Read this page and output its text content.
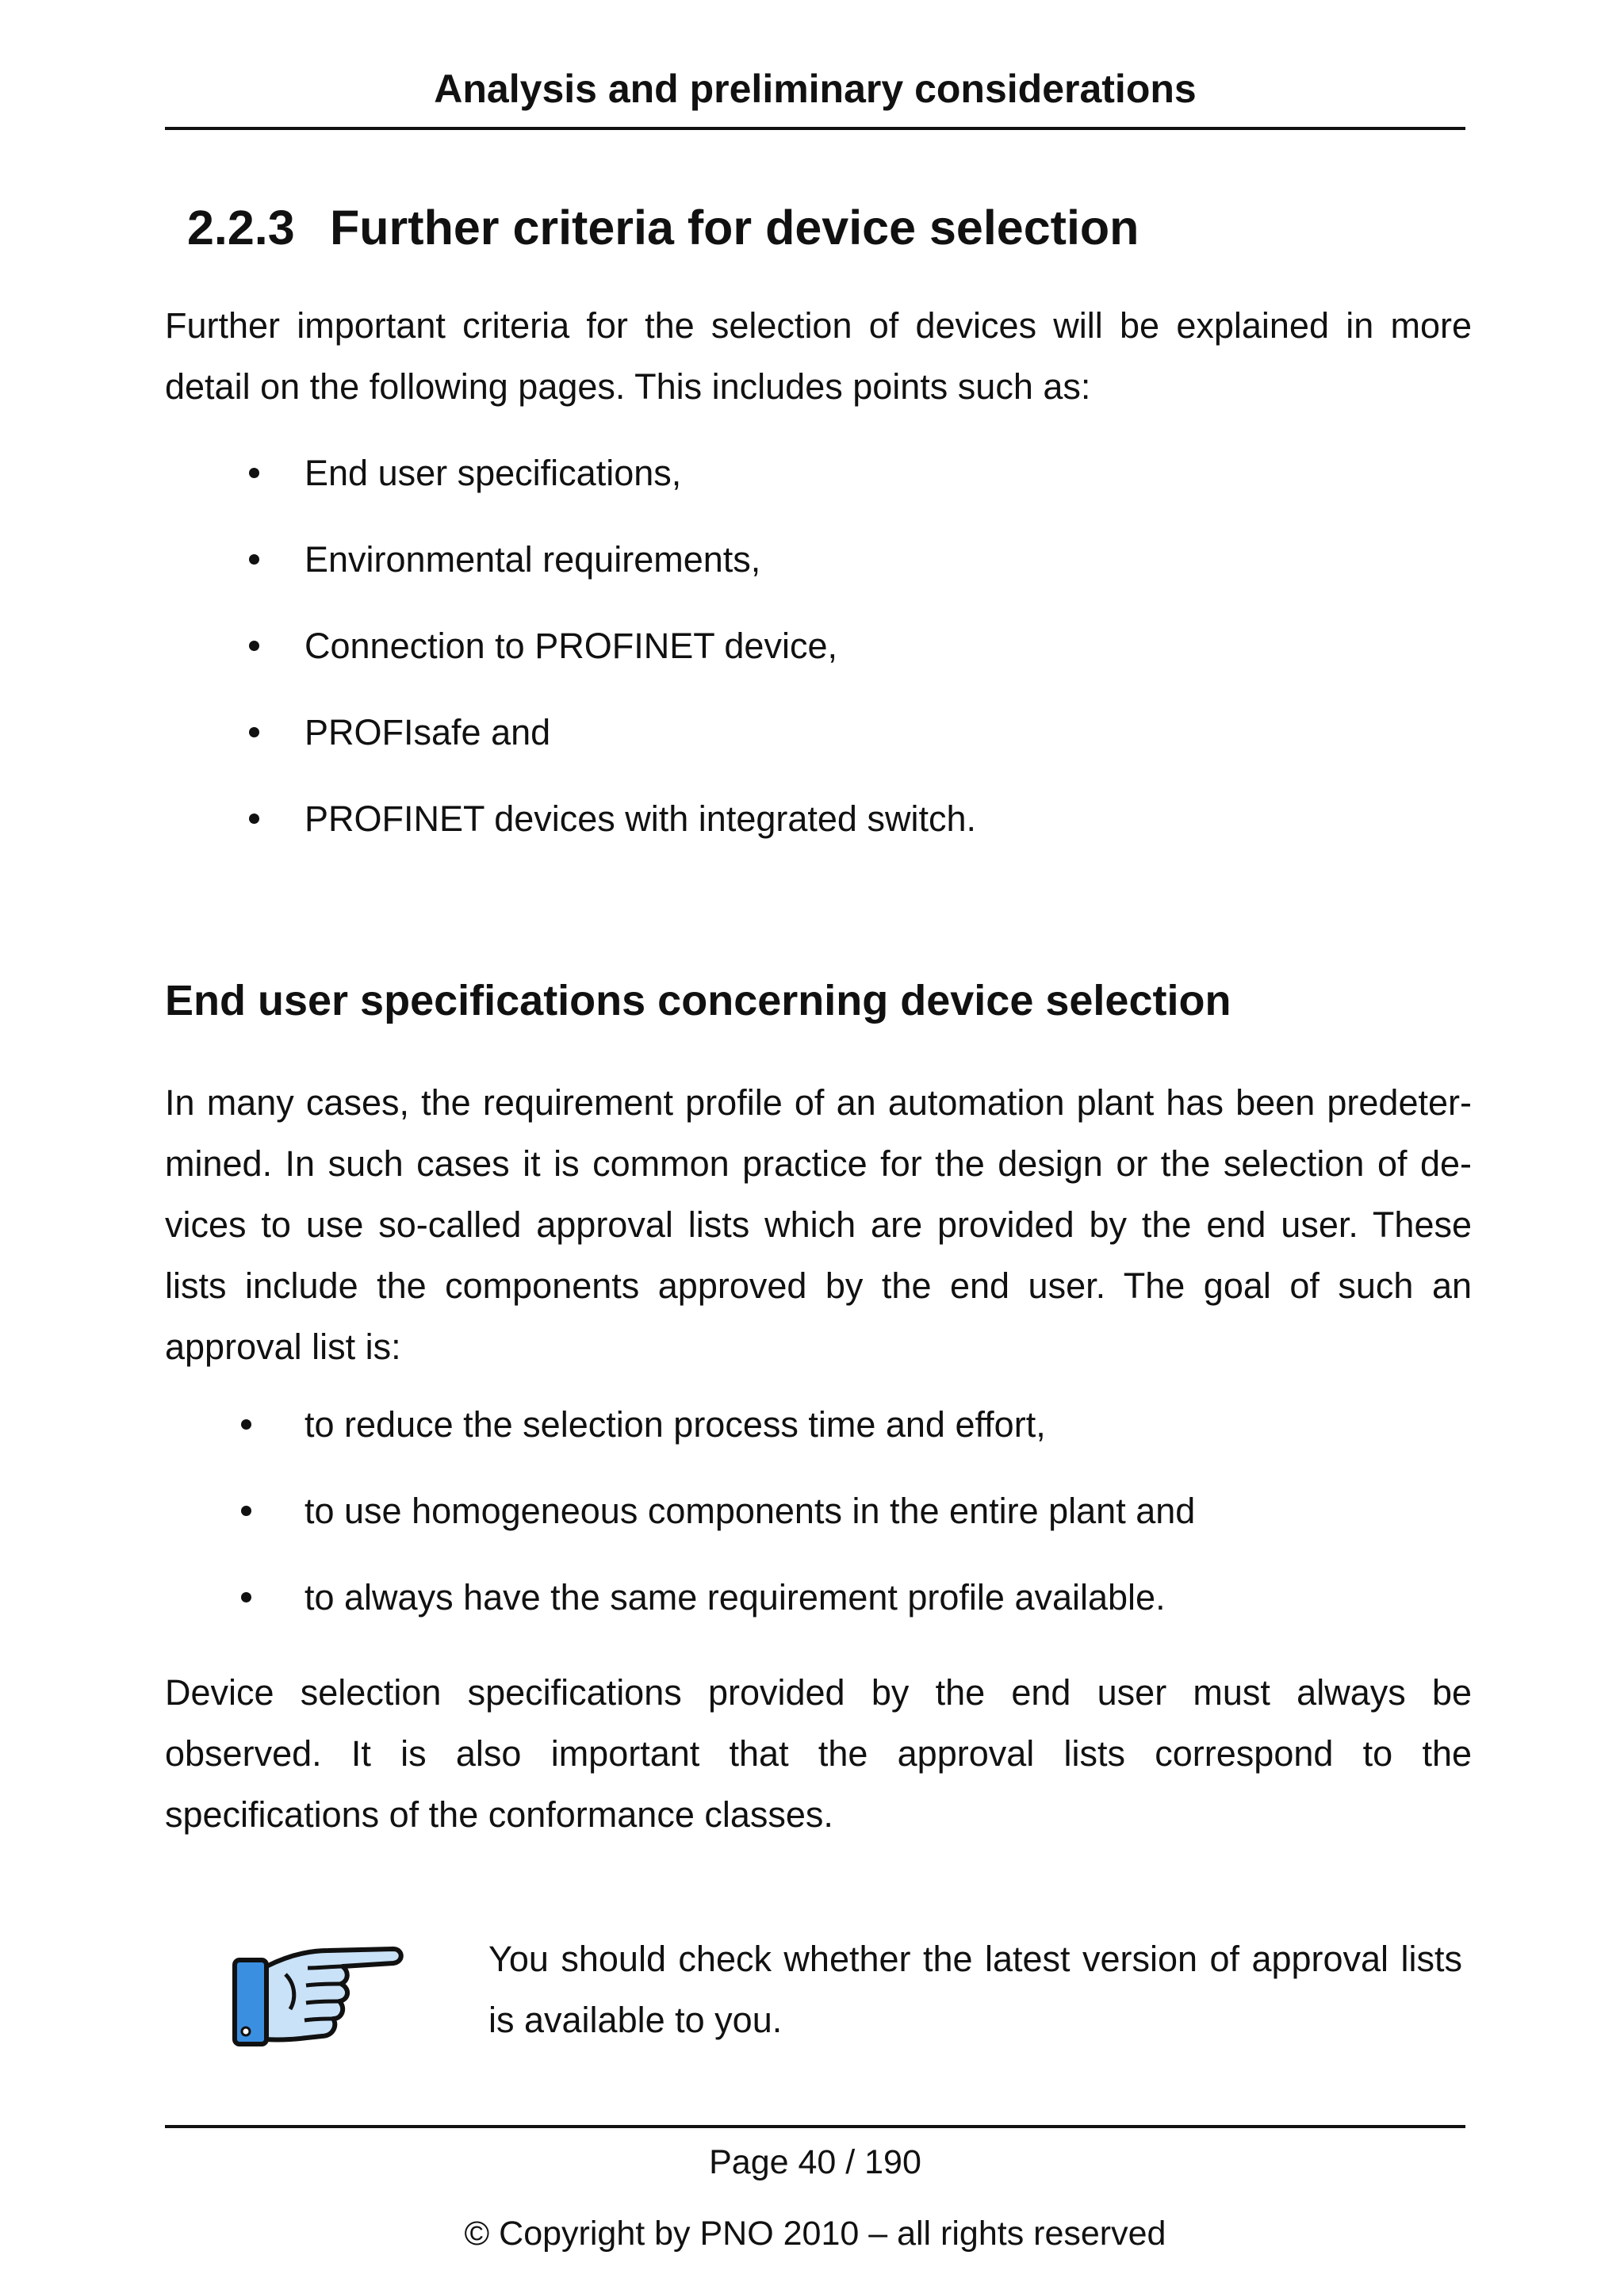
Analysis and preliminary considerations
2.2.3 Further criteria for device selection

Further important criteria for the selection of devices will be explained in more detail on the following pages. This includes points such as:

End user specifications,
Environmental requirements,
Connection to PROFINET device,
PROFIsafe and
PROFINET devices with integrated switch.
End user specifications concerning device selection

In many cases, the requirement profile of an automation plant has been predeter-mined. In such cases it is common practice for the design or the selection of de-vices to use so-called approval lists which are provided by the end user. These lists include the components approved by the end user. The goal of such an approval list is:

to reduce the selection process time and effort,
to use homogeneous components in the entire plant and
to always have the same requirement profile available.

Device selection specifications provided by the end user must always be observed. It is also important that the approval lists correspond to the specifications of the conformance classes.

You should check whether the latest version of approval lists is available to you.

Page 40 / 190
© Copyright by PNO 2010 – all rights reserved
